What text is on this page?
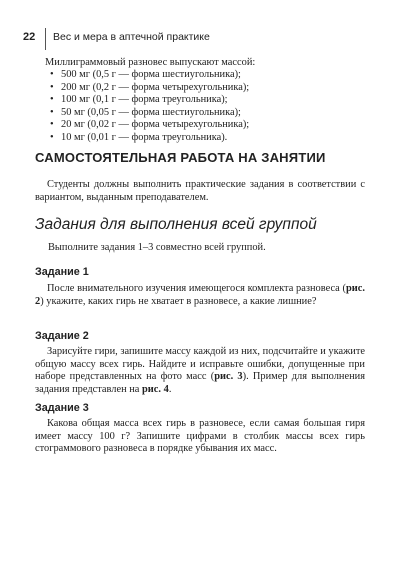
22 Вес и мера в аптечной практике
Миллиграммовый разновес выпускают массой:
• 500 мг (0,5 г — форма шестиугольника);
• 200 мг (0,2 г — форма четырехугольника);
• 100 мг (0,1 г — форма треугольника);
• 50 мг (0,05 г — форма шестиугольника);
• 20 мг (0,02 г — форма четырехугольника);
• 10 мг (0,01 г — форма треугольника).
САМОСТОЯТЕЛЬНАЯ РАБОТА НА ЗАНЯТИИ
Студенты должны выполнить практические задания в соответствии с вариантом, выданным преподавателем.
Задания для выполнения всей группой
Выполните задания 1–3 совместно всей группой.
Задание 1
После внимательного изучения имеющегося комплекта разновеса (рис. 2) укажите, каких гирь не хватает в разновесе, а какие лишние?
Задание 2
Зарисуйте гири, запишите массу каждой из них, подсчитайте и укажите общую массу всех гирь. Найдите и исправьте ошибки, допущенные при наборе представленных на фото масс (рис. 3). Пример для выполнения задания представлен на рис. 4.
Задание 3
Какова общая масса всех гирь в разновесе, если самая большая гиря имеет массу 100 г? Запишите цифрами в столбик массы всех гирь стограммового разновеса в порядке убывания их масс.
